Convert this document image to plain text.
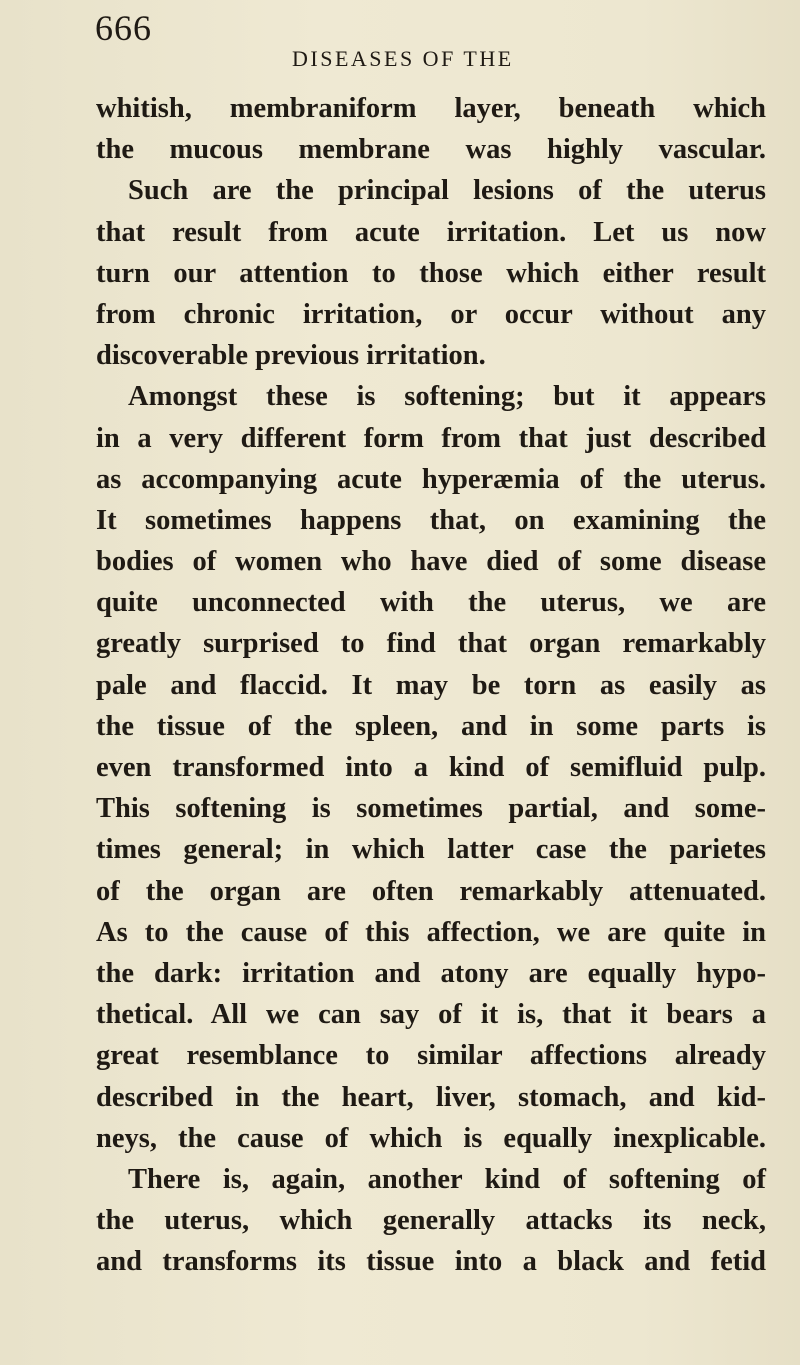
666
DISEASES OF THE
whitish, membraniform layer, beneath which
the mucous membrane was highly vascular.
Such are the principal lesions of the uterus
that result from acute irritation. Let us now
turn our attention to those which either result
from chronic irritation, or occur without any
discoverable previous irritation.
Amongst these is softening; but it appears
in a very different form from that just described
as accompanying acute hyperæmia of the uterus.
It sometimes happens that, on examining the
bodies of women who have died of some disease
quite unconnected with the uterus, we are
greatly surprised to find that organ remarkably
pale and flaccid. It may be torn as easily as
the tissue of the spleen, and in some parts is
even transformed into a kind of semifluid pulp.
This softening is sometimes partial, and some-
times general; in which latter case the parietes
of the organ are often remarkably attenuated.
As to the cause of this affection, we are quite in
the dark: irritation and atony are equally hypo-
thetical. All we can say of it is, that it bears a
great resemblance to similar affections already
described in the heart, liver, stomach, and kid-
neys, the cause of which is equally inexplicable.
There is, again, another kind of softening of
the uterus, which generally attacks its neck,
and transforms its tissue into a black and fetid
